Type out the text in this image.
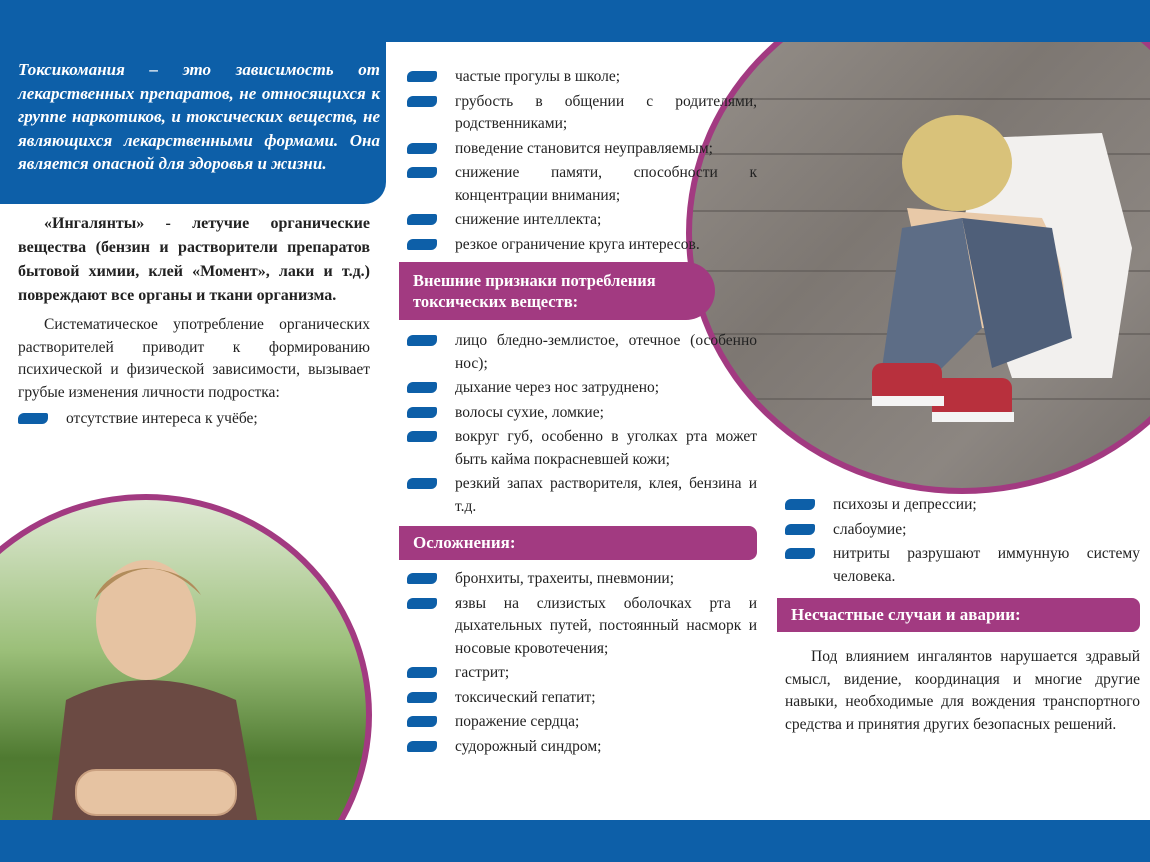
Токсикомания – это зависимость от лекарственных препаратов, не относящихся к группе наркотиков, и токсических веществ, не являющихся лекарственными формами. Она является опасной для здоровья и жизни.

«Ингалянты» - летучие органические вещества (бензин и растворители препаратов бытовой химии, клей «Момент», лаки и т.д.) повреждают все органы и ткани организма.

Систематическое употребление органических растворителей приводит к формированию психической и физической зависимости, вызывает грубые изменения личности подростка:

отсутствие интереса к учёбе;
частые прогулы в школе;
грубость в общении с родителями, родственниками;
поведение становится неуправляемым;
снижение памяти, способности к концентрации внимания;
снижение интеллекта;
резкое ограничение круга интересов.
Внешние признаки потребления токсических веществ:
лицо бледно-землистое, отечное (особенно нос);
дыхание через нос затруднено;
волосы сухие, ломкие;
вокруг губ, особенно в уголках рта может быть кайма покрасневшей кожи;
резкий запах растворителя, клея, бензина и т.д.
Осложнения:
бронхиты, трахеиты, пневмонии;
язвы на слизистых оболочках рта и дыхательных путей, постоянный насморк и носовые кровотечения;
гастрит;
токсический гепатит;
поражение сердца;
судорожный синдром;
психозы и депрессии;
слабоумие;
нитриты разрушают иммунную систему человека.
Несчастные случаи и аварии:

Под влиянием ингалянтов нарушается здравый смысл, видение, координация и многие другие навыки, необходимые для вождения транспортного средства и принятия других безопасных решений.
